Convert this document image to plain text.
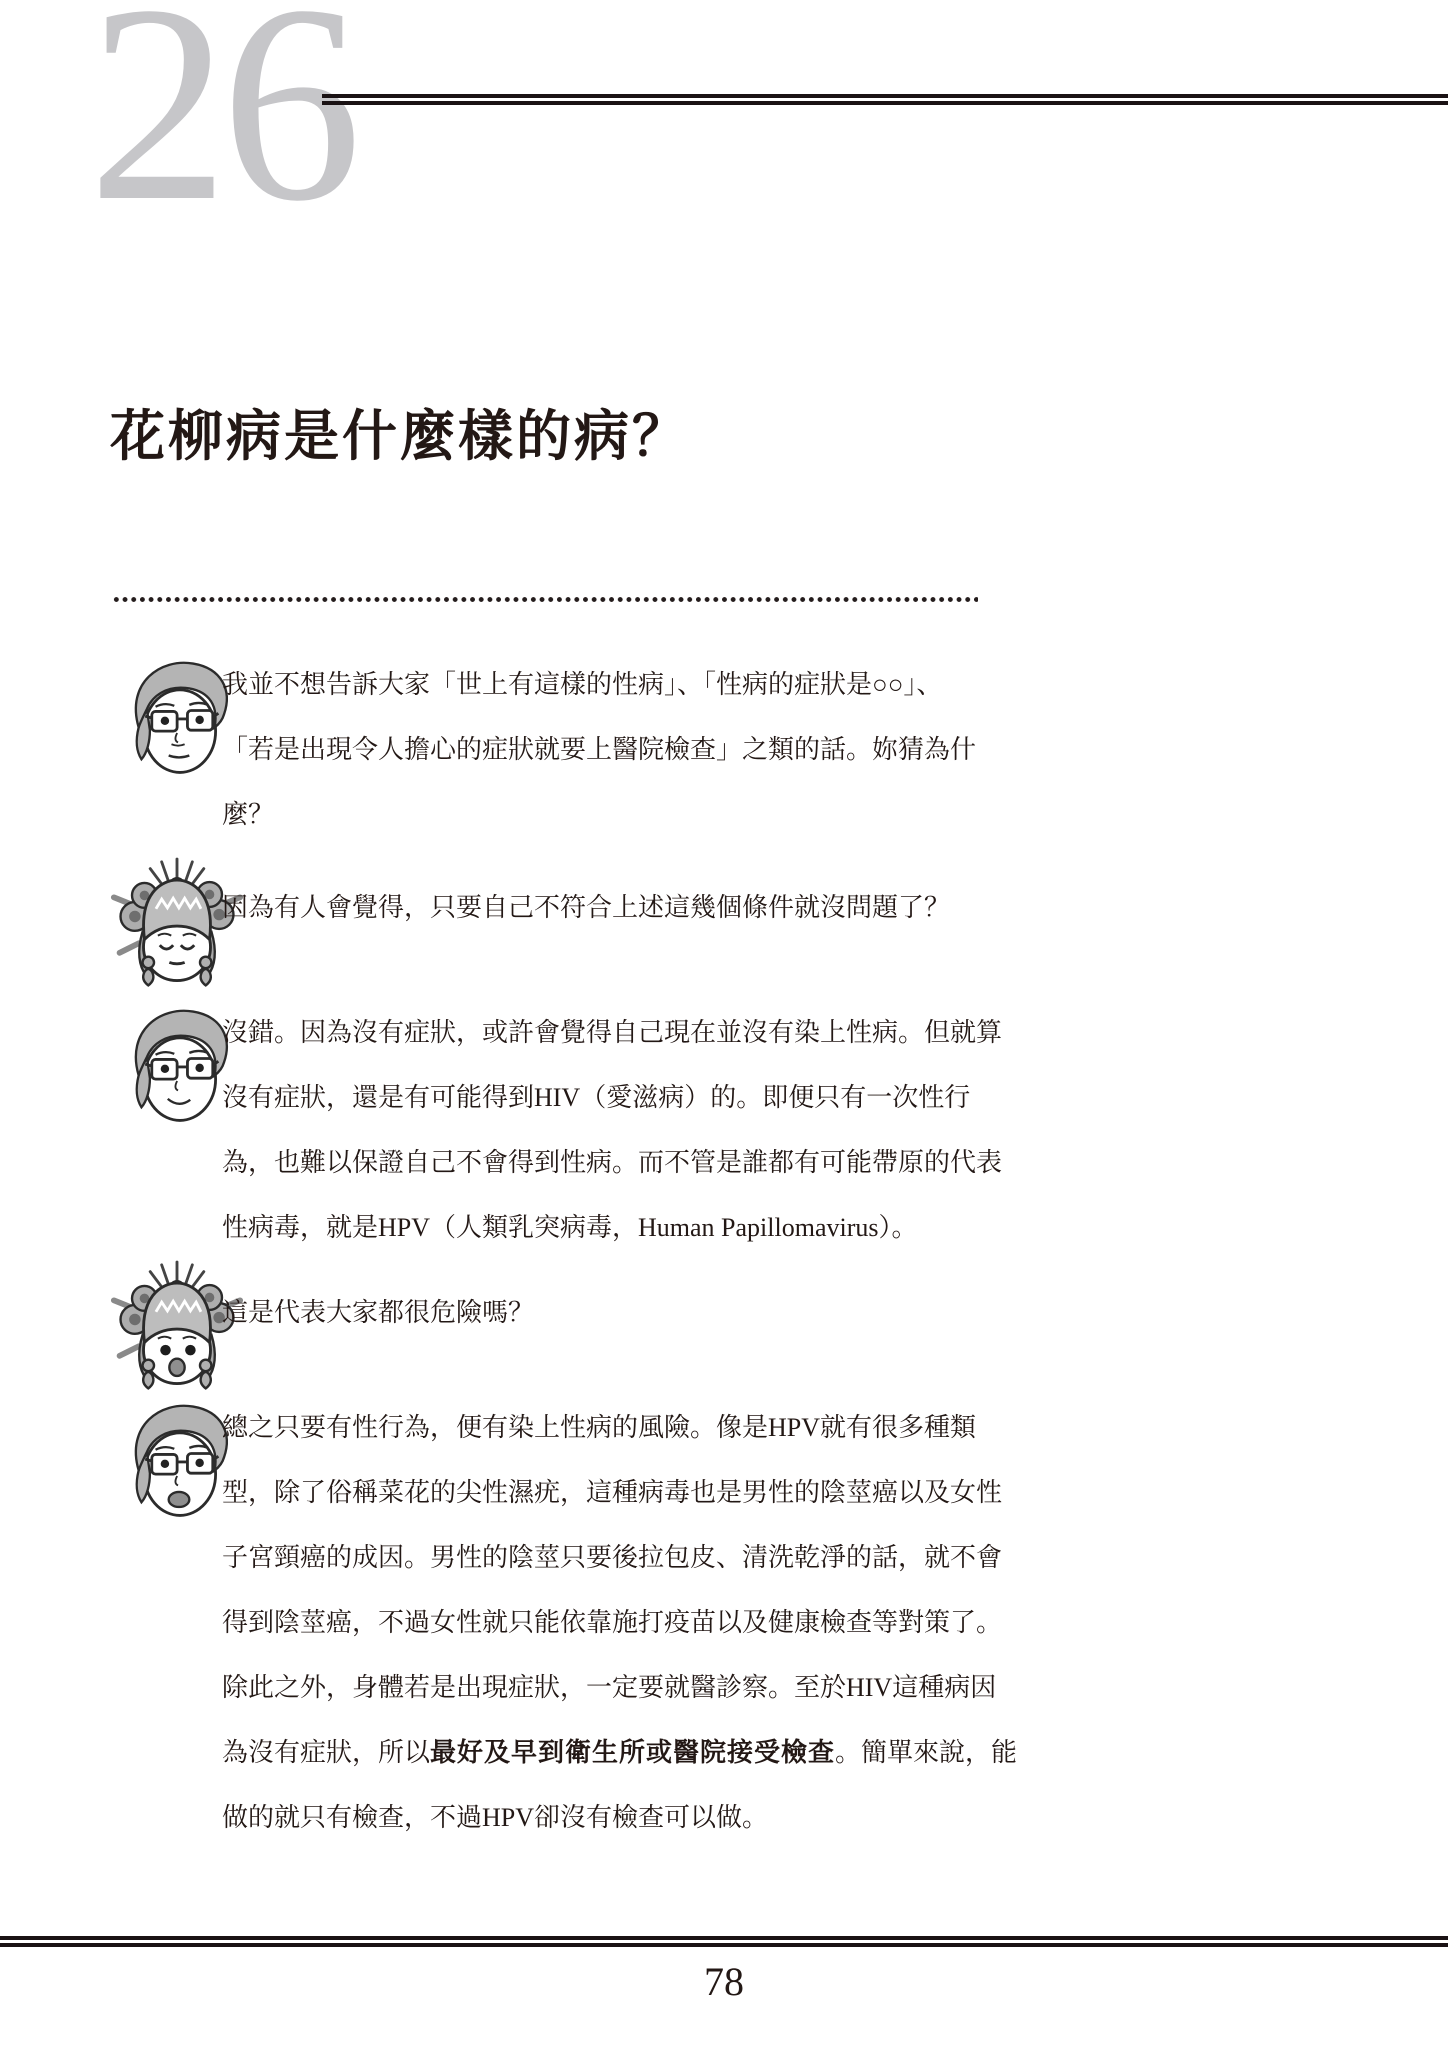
26
花柳病是什麼樣的病？
我並不想告訴大家「世上有這樣的性病」、「性病的症狀是○○」、
「若是出現令人擔心的症狀就要上醫院檢查」之類的話。妳猜為什
麼？
因為有人會覺得，只要自己不符合上述這幾個條件就沒問題了？
沒錯。因為沒有症狀，或許會覺得自己現在並沒有染上性病。但就算
沒有症狀，還是有可能得到HIV（愛滋病）的。即便只有一次性行
為，也難以保證自己不會得到性病。而不管是誰都有可能帶原的代表
性病毒，就是HPV（人類乳突病毒，Human Papillomavirus）。
這是代表大家都很危險嗎？
總之只要有性行為，便有染上性病的風險。像是HPV就有很多種類
型，除了俗稱菜花的尖性濕疣，這種病毒也是男性的陰莖癌以及女性
子宮頸癌的成因。男性的陰莖只要後拉包皮、清洗乾淨的話，就不會
得到陰莖癌，不過女性就只能依靠施打疫苗以及健康檢查等對策了。
除此之外，身體若是出現症狀，一定要就醫診察。至於HIV這種病因
為沒有症狀，所以最好及早到衛生所或醫院接受檢查。簡單來說，能
做的就只有檢查，不過HPV卻沒有檢查可以做。
78
